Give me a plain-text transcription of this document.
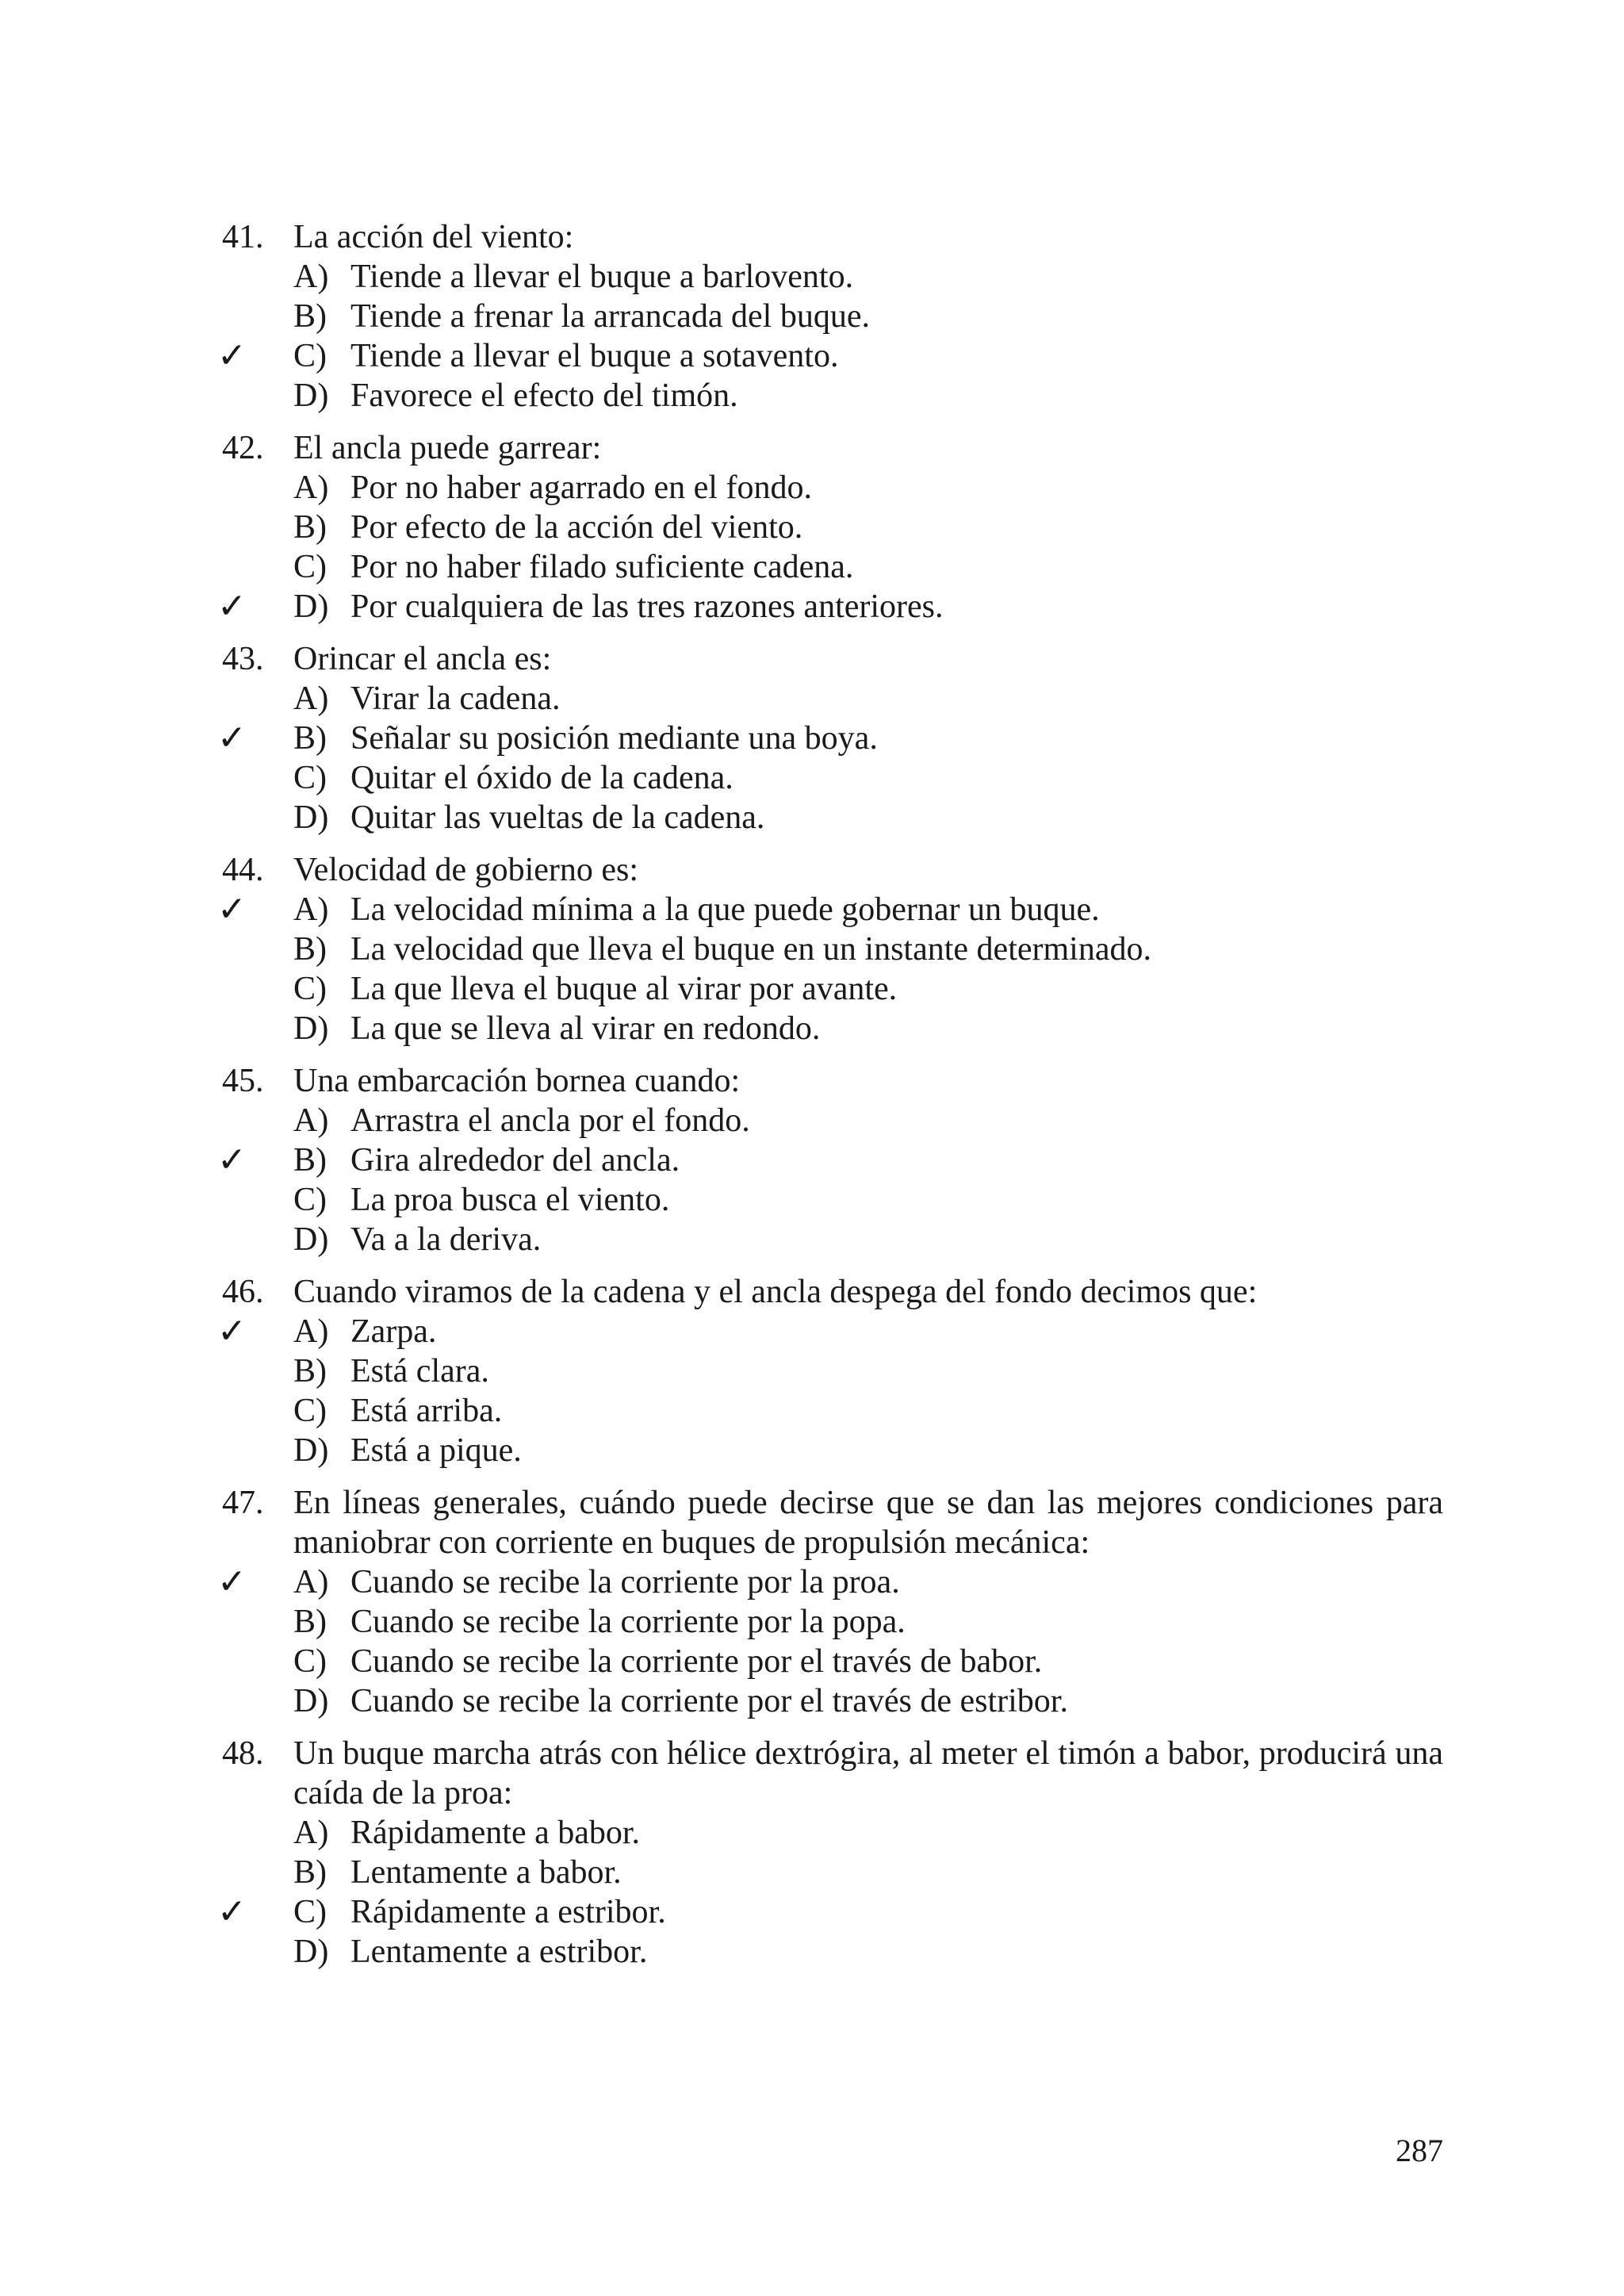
41. La acción del viento:
A) Tiende a llevar el buque a barlovento.
B) Tiende a frenar la arrancada del buque.
✓	C) Tiende a llevar el buque a sotavento.
D) Favorece el efecto del timón.
42. El ancla puede garrear:
A) Por no haber agarrado en el fondo.
B) Por efecto de la acción del viento.
C) Por no haber filado suficiente cadena.
✓	D) Por cualquiera de las tres razones anteriores.
43. Orincar el ancla es:
A) Virar la cadena.
✓	B) Señalar su posición mediante una boya.
C) Quitar el óxido de la cadena.
D) Quitar las vueltas de la cadena.
44. Velocidad de gobierno es:
✓	A) La velocidad mínima a la que puede gobernar un buque.
B) La velocidad que lleva el buque en un instante determinado.
C) La que lleva el buque al virar por avante.
D) La que se lleva al virar en redondo.
45. Una embarcación bornea cuando:
A) Arrastra el ancla por el fondo.
✓	B) Gira alrededor del ancla.
C) La proa busca el viento.
D) Va a la deriva.
46. Cuando viramos de la cadena y el ancla despega del fondo decimos que:
✓	A) Zarpa.
B) Está clara.
C) Está arriba.
D) Está a pique.
47. En líneas generales, cuándo puede decirse que se dan las mejores condiciones para maniobrar con corriente en buques de propulsión mecánica:
✓	A) Cuando se recibe la corriente por la proa.
B) Cuando se recibe la corriente por la popa.
C) Cuando se recibe la corriente por el través de babor.
D) Cuando se recibe la corriente por el través de estribor.
48. Un buque marcha atrás con hélice dextrógira, al meter el timón a babor, producirá una caída de la proa:
A) Rápidamente a babor.
B) Lentamente a babor.
✓	C) Rápidamente a estribor.
D) Lentamente a estribor.
287
